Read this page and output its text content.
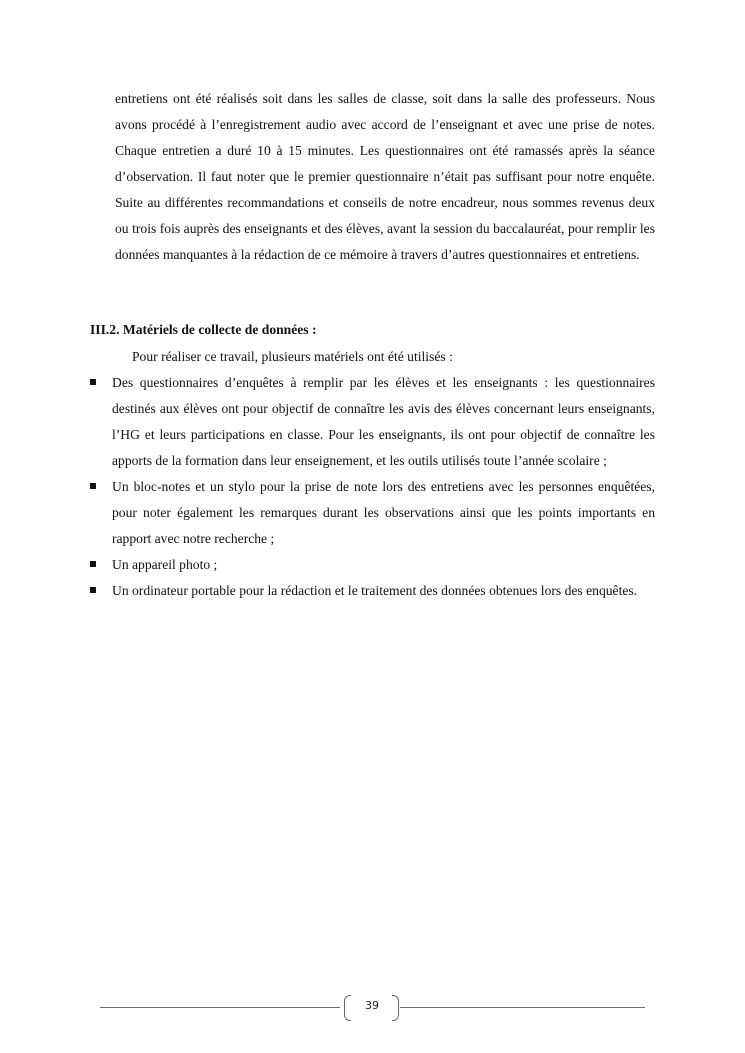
entretiens ont été réalisés soit dans les salles de classe, soit dans la salle des professeurs. Nous avons procédé à l’enregistrement audio avec accord de l’enseignant et avec une prise de notes. Chaque entretien a duré 10 à 15 minutes. Les questionnaires ont été ramassés après la séance d’observation. Il faut noter que le premier questionnaire n’était pas suffisant pour notre enquête. Suite au différentes recommandations et conseils de notre encadreur, nous sommes revenus deux ou trois fois auprès des enseignants et des élèves, avant la session du baccalauréat, pour remplir les données manquantes à la rédaction de ce mémoire à travers d’autres questionnaires et entretiens.

III.2. Matériels de collecte de données :
Pour réaliser ce travail, plusieurs matériels ont été utilisés :
Des questionnaires d’enquêtes à remplir par les élèves et les enseignants : les questionnaires destinés aux élèves ont pour objectif de connaître les avis des élèves concernant leurs enseignants, l’HG et leurs participations en classe. Pour les enseignants, ils ont pour objectif de connaître les apports de la formation dans leur enseignement, et les outils utilisés toute l’année scolaire ;
Un bloc-notes et un stylo pour la prise de note lors des entretiens avec les personnes enquêtées, pour noter également les remarques durant les observations ainsi que les points importants en rapport avec notre recherche ;
Un appareil photo ;
Un ordinateur portable pour la rédaction et le traitement des données obtenues lors des enquêtes.
39
